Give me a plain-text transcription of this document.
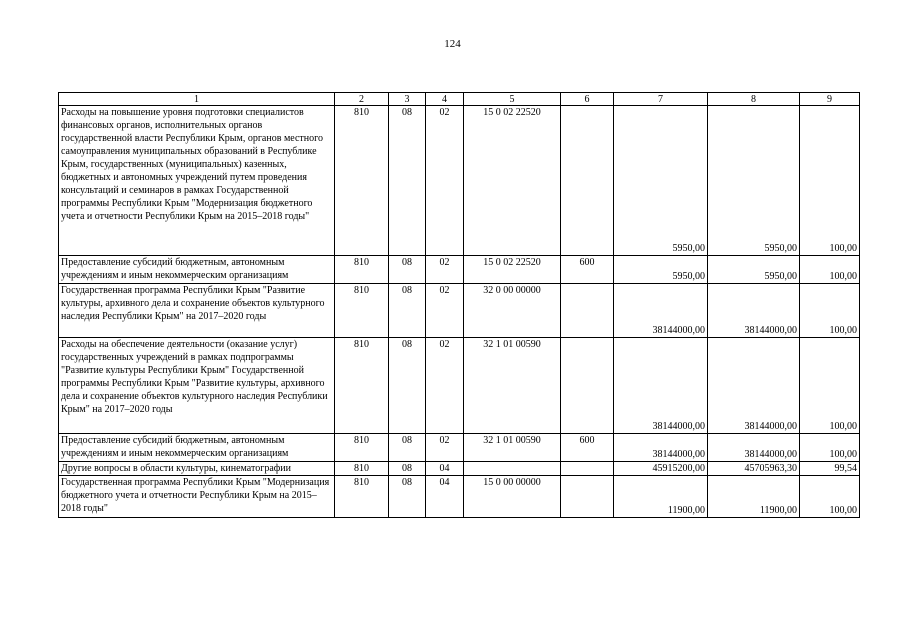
124
1	2	3	4	5	6	7	8	9
Расходы на повышение уровня подготовки специалистов финансовых органов, исполнительных органов государственной власти Республики Крым, органов местного самоуправления муниципальных образований в Республике Крым, государственных (муниципальных) казенных, бюджетных и автономных учреждений путем проведения консультаций и семинаров в рамках Государственной программы Республики Крым "Модернизация бюджетного учета и отчетности Республики Крым на 2015–2018 годы"	810	08	02	15 0 02 22520		5950,00	5950,00	100,00
Предоставление субсидий бюджетным, автономным учреждениям и иным некоммерческим организациям	810	08	02	15 0 02 22520	600	5950,00	5950,00	100,00
Государственная программа Республики Крым "Развитие культуры, архивного дела и сохранение объектов культурного наследия Республики Крым" на 2017–2020 годы	810	08	02	32 0 00 00000		38144000,00	38144000,00	100,00
Расходы на обеспечение деятельности (оказание услуг) государственных учреждений в рамках подпрограммы "Развитие культуры Республики Крым" Государственной программы Республики Крым "Развитие культуры, архивного дела и сохранение объектов культурного наследия Республики Крым" на 2017–2020 годы	810	08	02	32 1 01 00590		38144000,00	38144000,00	100,00
Предоставление субсидий бюджетным, автономным учреждениям и иным некоммерческим организациям	810	08	02	32 1 01 00590	600	38144000,00	38144000,00	100,00
Другие вопросы в области культуры, кинематографии	810	08	04			45915200,00	45705963,30	99,54
Государственная программа Республики Крым "Модернизация бюджетного учета и отчетности Республики Крым на 2015–2018 годы"	810	08	04	15 0 00 00000		11900,00	11900,00	100,00
